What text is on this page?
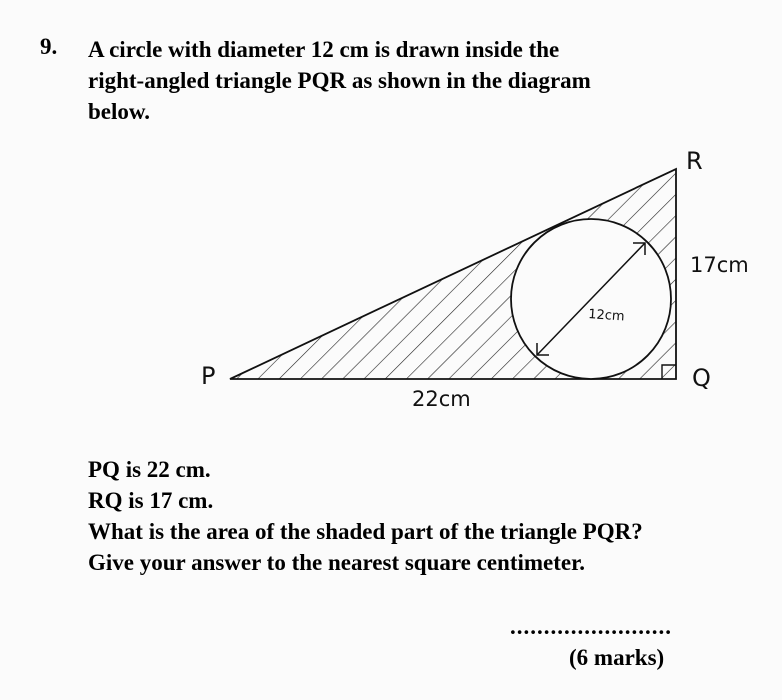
9. A circle with diameter 12 cm is drawn inside the
right-angled triangle PQR as shown in the diagram
below.
P	Q
R
22cm
17cm
12cm
PQ is 22 cm.
RQ is 17 cm.
What is the area of the shaded part of the triangle PQR?
Give your answer to the nearest square centimeter.
........................
(6 marks)
